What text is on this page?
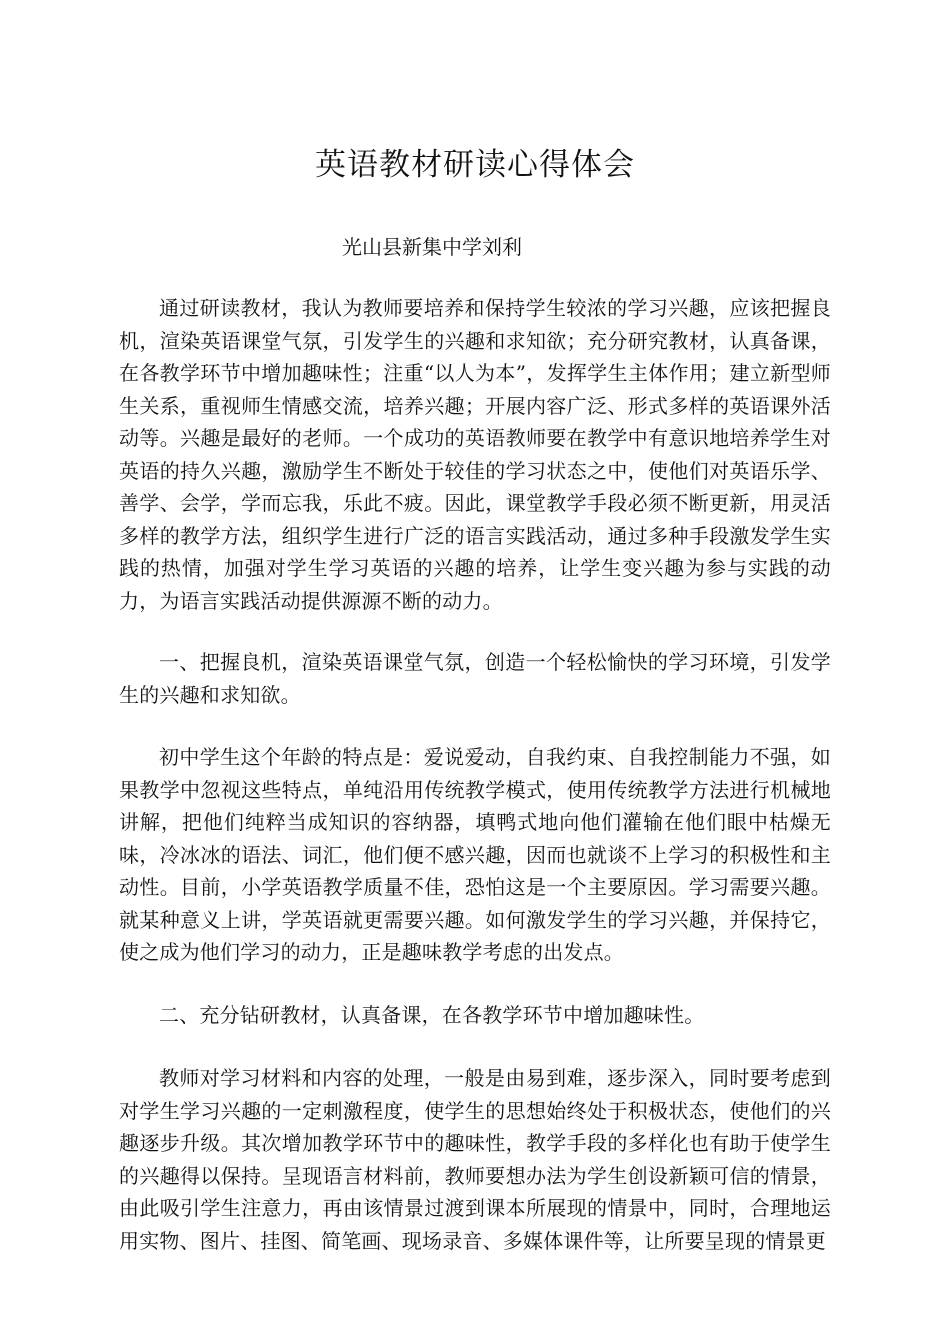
英语教材研读心得体会

光山县新集中学刘利

通过研读教材，我认为教师要培养和保持学生较浓的学习兴趣，应该把握良机，渲染英语课堂气氛，引发学生的兴趣和求知欲；充分研究教材，认真备课，在各教学环节中增加趣味性；注重“以人为本”，发挥学生主体作用；建立新型师生关系，重视师生情感交流，培养兴趣；开展内容广泛、形式多样的英语课外活动等。兴趣是最好的老师。一个成功的英语教师要在教学中有意识地培养学生对英语的持久兴趣，激励学生不断处于较佳的学习状态之中，使他们对英语乐学、善学、会学，学而忘我，乐此不疲。因此，课堂教学手段必须不断更新，用灵活多样的教学方法，组织学生进行广泛的语言实践活动，通过多种手段激发学生实践的热情，加强对学生学习英语的兴趣的培养，让学生变兴趣为参与实践的动力，为语言实践活动提供源源不断的动力。

一、把握良机，渲染英语课堂气氛，创造一个轻松愉快的学习环境，引发学生的兴趣和求知欲。

初中学生这个年龄的特点是：爱说爱动，自我约束、自我控制能力不强，如果教学中忽视这些特点，单纯沿用传统教学模式，使用传统教学方法进行机械地讲解，把他们纯粹当成知识的容纳器，填鸭式地向他们灌输在他们眼中枯燥无味，冷冰冰的语法、词汇，他们便不感兴趣，因而也就谈不上学习的积极性和主动性。目前，小学英语教学质量不佳，恐怕这是一个主要原因。学习需要兴趣。就某种意义上讲，学英语就更需要兴趣。如何激发学生的学习兴趣，并保持它，使之成为他们学习的动力，正是趣味教学考虑的出发点。

二、充分钻研教材，认真备课，在各教学环节中增加趣味性。

教师对学习材料和内容的处理，一般是由易到难，逐步深入，同时要考虑到对学生学习兴趣的一定刺激程度，使学生的思想始终处于积极状态，使他们的兴趣逐步升级。其次增加教学环节中的趣味性，教学手段的多样化也有助于使学生的兴趣得以保持。呈现语言材料前，教师要想办法为学生创设新颖可信的情景，由此吸引学生注意力，再由该情景过渡到课本所展现的情景中，同时，合理地运用实物、图片、挂图、简笔画、现场录音、多媒体课件等，让所要呈现的情景更
